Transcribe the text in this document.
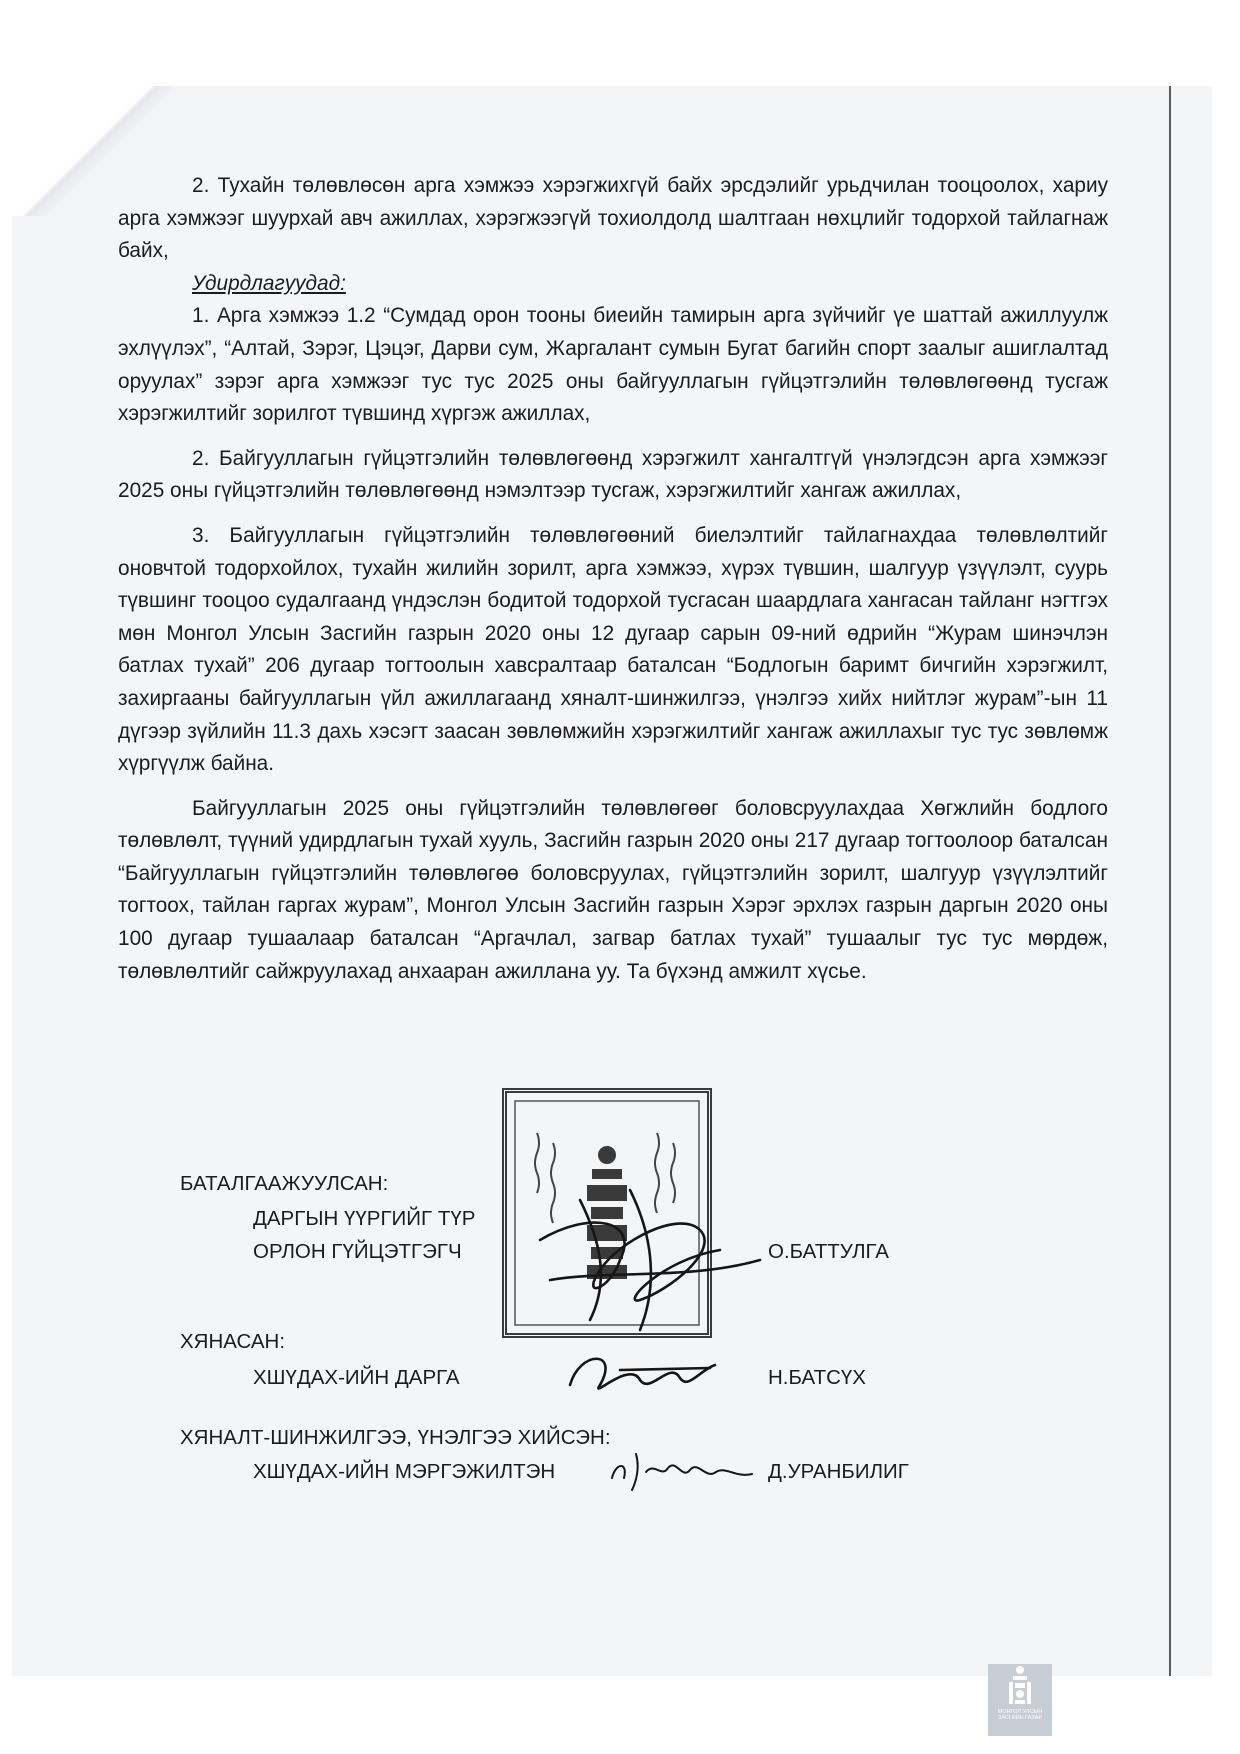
2. Тухайн төлөвлөсөн арга хэмжээ хэрэгжихгүй байх эрсдэлийг урьдчилан тооцоолох, хариу арга хэмжээг шуурхай авч ажиллах, хэрэгжээгүй тохиолдолд шалтгаан нөхцлийг тодорхой тайлагнаж байх,

Удирдлагуудад:

1. Арга хэмжээ 1.2 “Сумдад орон тооны биеийн тамирын арга зүйчийг үе шаттай ажиллуулж эхлүүлэх”, “Алтай, Зэрэг, Цэцэг, Дарви сум, Жаргалант сумын Бугат багийн спорт заалыг ашиглалтад оруулах” зэрэг арга хэмжээг тус тус 2025 оны байгууллагын гүйцэтгэлийн төлөвлөгөөнд тусгаж хэрэгжилтийг зорилгот түвшинд хүргэж ажиллах,

2. Байгууллагын гүйцэтгэлийн төлөвлөгөөнд хэрэгжилт хангалтгүй үнэлэгдсэн арга хэмжээг 2025 оны гүйцэтгэлийн төлөвлөгөөнд нэмэлтээр тусгаж, хэрэгжилтийг хангаж ажиллах,

3. Байгууллагын гүйцэтгэлийн төлөвлөгөөний биелэлтийг тайлагнахдаа төлөвлөлтийг оновчтой тодорхойлох, тухайн жилийн зорилт, арга хэмжээ, хүрэх түвшин, шалгуур үзүүлэлт, суурь түвшинг тооцоо судалгаанд үндэслэн бодитой тодорхой тусгасан шаардлага хангасан тайланг нэгтгэх мөн Монгол Улсын Засгийн газрын 2020 оны 12 дугаар сарын 09-ний өдрийн “Журам шинэчлэн батлах тухай” 206 дугаар тогтоолын хавсралтаар баталсан “Бодлогын баримт бичгийн хэрэгжилт, захиргааны байгууллагын үйл ажиллагаанд хяналт-шинжилгээ, үнэлгээ хийх нийтлэг журам”-ын 11 дүгээр зүйлийн 11.3 дахь хэсэгт заасан зөвлөмжийн хэрэгжилтийг хангаж ажиллахыг тус тус зөвлөмж хүргүүлж байна.

Байгууллагын 2025 оны гүйцэтгэлийн төлөвлөгөөг боловсруулахдаа Хөгжлийн бодлого төлөвлөлт, түүний удирдлагын тухай хууль, Засгийн газрын 2020 оны 217 дугаар тогтоолоор баталсан “Байгууллагын гүйцэтгэлийн төлөвлөгөө боловсруулах, гүйцэтгэлийн зорилт, шалгуур үзүүлэлтийг тогтоох, тайлан гаргах журам”, Монгол Улсын Засгийн газрын Хэрэг эрхлэх газрын даргын 2020 оны 100 дугаар тушаалаар баталсан “Аргачлал, загвар батлах тухай” тушаалыг тус тус мөрдөж, төлөвлөлтийг сайжруулахад анхааран ажиллана уу. Та бүхэнд амжилт хүсье.

БАТАЛГААЖУУЛСАН:
ДАРГЫН ҮҮРГИЙГ ТҮР
ОРЛОН ГҮЙЦЭТГЭГЧ	О.БАТТУЛГА
ХЯНАСАН:
ХШҮДАХ-ИЙН ДАРГА	Н.БАТСҮХ
ХЯНАЛТ-ШИНЖИЛГЭЭ, ҮНЭЛГЭЭ ХИЙСЭН:
ХШҮДАХ-ИЙН МЭРГЭЖИЛТЭН	Д.УРАНБИЛИГ
МОНГОЛ УЛСЫН ЗАСГИЙН ГАЗАР
